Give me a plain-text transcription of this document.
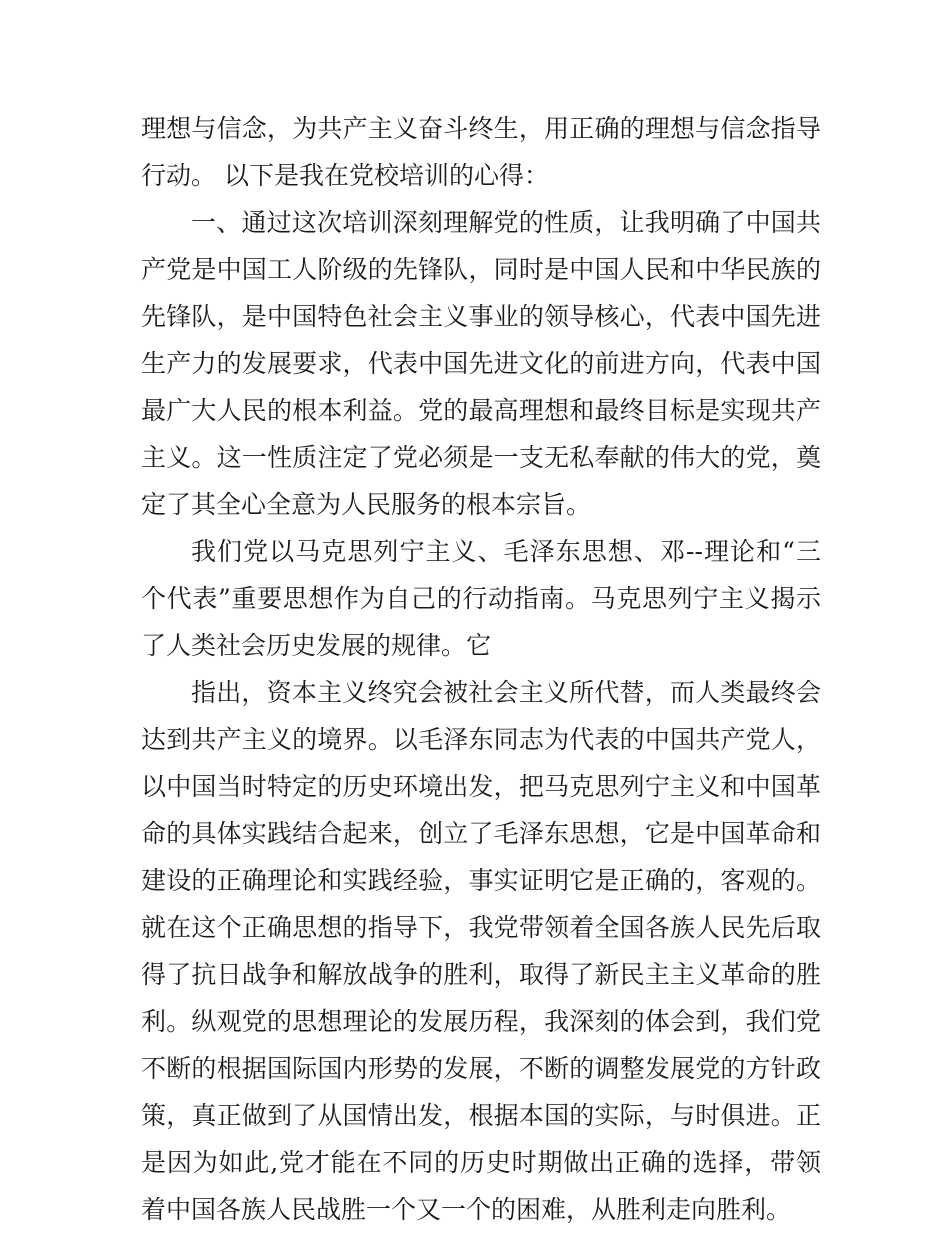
理想与信念，为共产主义奋斗终生，用正确的理想与信念指导
行动。 以下是我在党校培训的心得：
一、通过这次培训深刻理解党的性质，让我明确了中国共
产党是中国工人阶级的先锋队，同时是中国人民和中华民族的
先锋队，是中国特色社会主义事业的领导核心，代表中国先进
生产力的发展要求，代表中国先进文化的前进方向，代表中国
最广大人民的根本利益。党的最高理想和最终目标是实现共产
主义。这一性质注定了党必须是一支无私奉献的伟大的党，奠
定了其全心全意为人民服务的根本宗旨。
我们党以马克思列宁主义、毛泽东思想、邓--理论和“三
个代表”重要思想作为自己的行动指南。马克思列宁主义揭示
了人类社会历史发展的规律。它
指出，资本主义终究会被社会主义所代替，而人类最终会
达到共产主义的境界。以毛泽东同志为代表的中国共产党人，
以中国当时特定的历史环境出发，把马克思列宁主义和中国革
命的具体实践结合起来，创立了毛泽东思想，它是中国革命和
建设的正确理论和实践经验，事实证明它是正确的，客观的。
就在这个正确思想的指导下，我党带领着全国各族人民先后取
得了抗日战争和解放战争的胜利，取得了新民主主义革命的胜
利。纵观党的思想理论的发展历程，我深刻的体会到，我们党
不断的根据国际国内形势的发展，不断的调整发展党的方针政
策，真正做到了从国情出发，根据本国的实际，与时俱进。正
是因为如此,党才能在不同的历史时期做出正确的选择，带领
着中国各族人民战胜一个又一个的困难，从胜利走向胜利。
